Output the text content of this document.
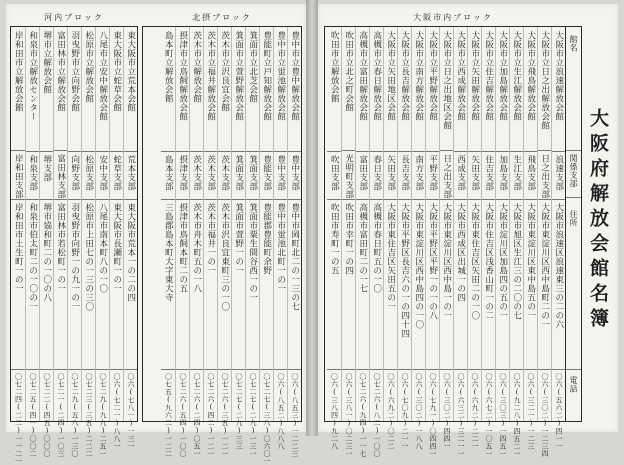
河内ブロック
東大阪市立荒本会館
荒本支部
東大阪市荒本一の二の四
〇六(七八一)一三一
東大阪市立蛇草会館
蛇草支部
東大阪市長瀬町一の一
〇六(七二一)八八一
八尾市立安中解放会館
安中支部
八尾市南本町八の一〇
〇七二九(九九)二五一
松原市立解放会館
松原支部
松原市上田七の一三の三〇
〇七二三(三五)二二二
羽曳野市立向野会館
向野支部
羽曳野市向野一の九一の一
〇七二九(五八)一三〇
富田林市立解放会館
富田林支部
富田林市若松町一の一
〇七二一(二四)一〇三
堺市立解放会館
堺支部
堺市協和町二の一〇の八
〇七二二(四五)〇〇〇
和泉市立解放センター
和泉支部
和泉市伯太町二の一〇の一
〇七二五(四一)〇〇二
岸和田市立解放会館
岸和田支部
岸和田市土生町一の一
〇七二四(二二)一一二一
北摂ブロック
豊中市立豊中解放会館
豊中支部
豊中市岡町北二の一三の七
〇六(八五三)一二二三
豊中市立蛍池解放会館
豊中支部
豊中市蛍池北町一の一
〇六(八五二)八八八
豊能町立戸知解放会館
豊能支部
豊能郡豊能町余野
〇七二七(三八)〇六〇一
箕面市立北芝会館
箕面支部
箕面市粟生間谷西一の一
〇七二七(二九)一三一
箕面市立萱野解放会館
箕面支部
箕面市萱野一の一
〇七二七(二九)三三
茨木市立沢良宜会館
茨木支部
茨木市沢良宜東町三の一〇
〇七二六(三五)一二一
茨木市立福井解放会館
茨木支部
茨木市福井一の一
〇七二六(四二)一二一
茨木市立解放会館
茨木支部
茨木市舟木町五の一八
〇七二六(二四)〇五一
摂津市立鳥飼解放会館
摂津支部
摂津市鳥飼本町二の五
〇七二六(五四)一〇〇
島本町立解放会館
島本支部
三島郡島本町大字東大寺
〇七五(九六二)一二二
大阪市内ブロック
館名
関係支部
住所
電話
大阪市立浪速解放会館
浪速支部
大阪市浪速区浪速東三の二の六
〇六(五六二)四一一
大阪市立日之出解放会館
日之出支部
大阪市東淀川区西中島町二の一
〇六(三〇二)一二三四
大阪市立飛鳥解放会館
飛鳥支部
大阪市東淀川区東中島五の一
〇六(三二一)一二三
大阪市立生江解放会館
生江支部
大阪市旭区生江三の二〇の七
〇六(九二八)四五二一
大阪市立加島解放会館
加島支部
大阪市淀川区加島四の五の一
〇六(三〇三)一四五一
大阪市立住吉解放会館
住吉支部
大阪市住吉区浅香山町一の二
〇六(六七二)一〇五一
大阪市立矢田解放会館
矢田支部
大阪市東住吉区矢田二の一〇
〇六(六九二)二二一
大阪市立西成解放会館
西成支部
大阪市西成区出城一の四
〇六(六三二)三二一一
大阪市立日之出地区会館
日之出支部
大阪市東淀川区西中島一の一
〇六(三〇二)四四一
大阪市立平野解放会館
平野支部
大阪市平野区平野一の一の八
〇六(七九一)〇四四一
大阪市立南方解放会館
南方支部
大阪市東淀川区西中島四の一〇
〇六(三〇二)一八八
大阪市立長吉解放会館
長吉支部
大阪市平野区長吉六の一の四十四
〇六(七〇九)二一一
大阪市立矢田地区会館
矢田支部
大阪市東住吉区矢田五の一
〇六(六九二)〇二二
高槻市立春日解放会館
春日支部
高槻市春日町五の一〇
〇七二六(八二)一〇〇
高槻市立富田解放会館
富田支部
高槻市富田町二の一七
〇七二六(九四)一一七
吹田市立北之町会館
光明町支部
吹田市幸町一の四
〇六(三八一)〇二三一
吹田市立解放会館
吹田支部
吹田市寿町一の五
〇六(三八四)九二八
大阪府解放会館名簿
